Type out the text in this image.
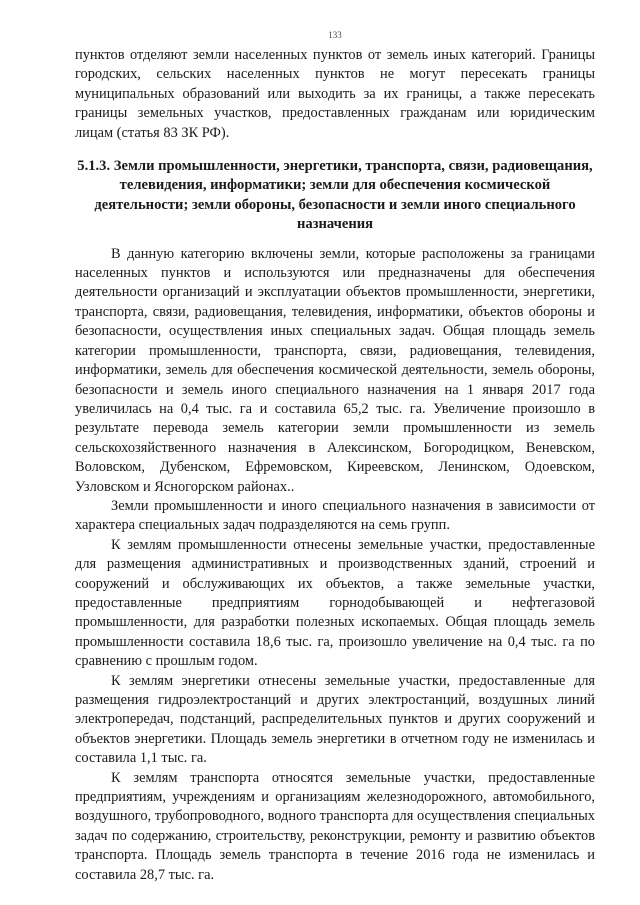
133

пунктов отделяют земли населенных пунктов от земель иных категорий. Границы городских, сельских населенных пунктов не могут пересекать границы муниципальных образований или выходить за их границы, а также пересекать границы земельных участков, предоставленных гражданам или юридическим лицам (статья 83 ЗК РФ).

5.1.3. Земли промышленности, энергетики, транспорта, связи, радиовещания, телевидения, информатики; земли для обеспечения космической деятельности; земли обороны, безопасности и земли иного специального назначения

В данную категорию включены земли, которые расположены за границами населенных пунктов и используются или предназначены для обеспечения деятельности организаций и эксплуатации объектов промышленности, энергетики, транспорта, связи, радиовещания, телевидения, информатики, объектов обороны и безопасности, осуществления иных специальных задач. Общая площадь земель категории промышленности, транспорта, связи, радиовещания, телевидения, информатики, земель для обеспечения космической деятельности, земель обороны, безопасности и земель иного специального назначения на 1 января 2017 года увеличилась на 0,4 тыс. га и составила 65,2 тыс. га. Увеличение произошло в результате перевода земель категории земли промышленности из земель сельскохозяйственного назначения в Алексинском, Богородицком, Веневском, Воловском, Дубенском, Ефремовском, Киреевском, Ленинском, Одоевском, Узловском и Ясногорском районах..

Земли промышленности и иного специального назначения в зависимости от характера специальных задач подразделяются на семь групп.

К землям промышленности отнесены земельные участки, предоставленные для размещения административных и производственных зданий, строений и сооружений и обслуживающих их объектов, а также земельные участки, предоставленные предприятиям горнодобывающей и нефтегазовой промышленности, для разработки полезных ископаемых. Общая площадь земель промышленности составила 18,6 тыс. га, произошло увеличение на 0,4 тыс. га по сравнению с прошлым годом.

К землям энергетики отнесены земельные участки, предоставленные для размещения гидроэлектростанций и других электростанций, воздушных линий электропередач, подстанций, распределительных пунктов и других сооружений и объектов энергетики. Площадь земель энергетики в отчетном году не изменилась и составила 1,1 тыс. га.

К землям транспорта относятся земельные участки, предоставленные предприятиям, учреждениям и организациям железнодорожного, автомобильного, воздушного, трубопроводного, водного транспорта для осуществления специальных задач по содержанию, строительству, реконструкции, ремонту и развитию объектов транспорта. Площадь земель транспорта в течение 2016 года не изменилась и составила 28,7 тыс. га.
